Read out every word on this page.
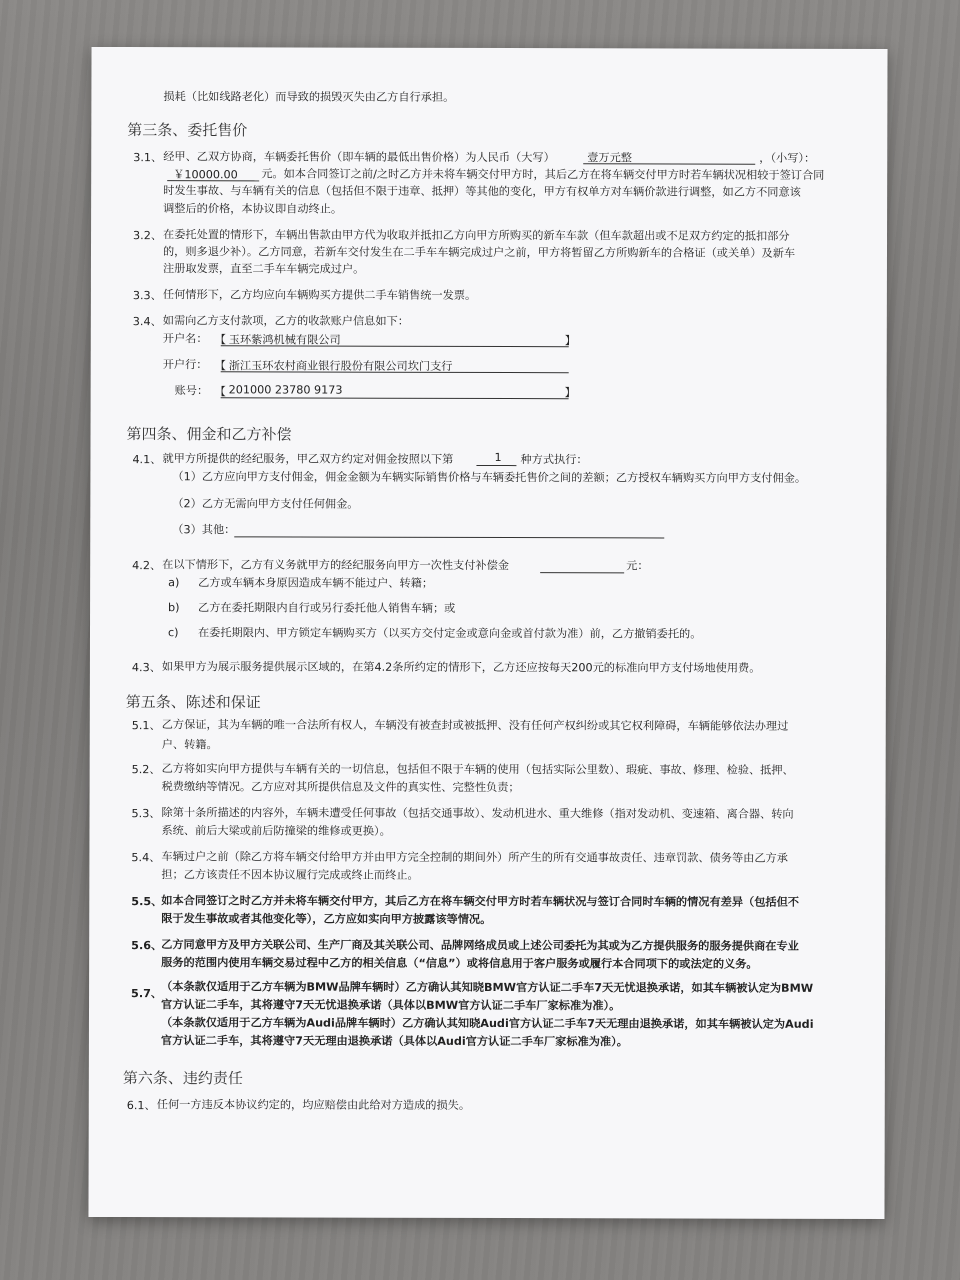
损耗（比如线路老化）而导致的损毁灭失由乙方自行承担。
第三条、委托售价
3.1、 经甲、乙双方协商，车辆委托售价（即车辆的最低出售价格）为人民币（大写）	壹万元整	，（小写）：
￥10000.00 元。如本合同签订之前/之时乙方并未将车辆交付甲方时，其后乙方在将车辆交付甲方时若车辆状况相较于签订合同
时发生事故、与车辆有关的信息（包括但不限于违章、抵押）等其他的变化，甲方有权单方对车辆价款进行调整，如乙方不同意该
调整后的价格，本协议即自动终止。
3.2、 在委托处置的情形下，车辆出售款由甲方代为收取并抵扣乙方向甲方所购买的新车车款（但车款超出或不足双方约定的抵扣部分
的，则多退少补）。乙方同意，若新车交付发生在二手车车辆完成过户之前，甲方将暂留乙方所购新车的合格证（或关单）及新车
注册取发票，直至二手车车辆完成过户。
3.3、 任何情形下，乙方均应向车辆购买方提供二手车销售统一发票。
3.4、 如需向乙方支付款项，乙方的收款账户信息如下：
开户名： 【 玉环紫鸿机械有限公司	】
开户行： 【 浙江玉环农村商业银行股份有限公司坎门支行
账号： 【 201000 23780 9173	】
第四条、佣金和乙方补偿
4.1、 就甲方所提供的经纪服务，甲乙双方约定对佣金按照以下第	1 种方式执行：
（1）乙方应向甲方支付佣金，佣金金额为车辆实际销售价格与车辆委托售价之间的差额；乙方授权车辆购买方向甲方支付佣金。
（2）乙方无需向甲方支付任何佣金。
（3）其他：
4.2、 在以下情形下，乙方有义务就甲方的经纪服务向甲方一次性支付补偿金	元：
a) 乙方或车辆本身原因造成车辆不能过户、转籍；
b) 乙方在委托期限内自行或另行委托他人销售车辆；或
c) 在委托期限内、甲方锁定车辆购买方（以买方交付定金或意向金或首付款为准）前，乙方撤销委托的。
4.3、 如果甲方为展示服务提供展示区域的，在第4.2条所约定的情形下，乙方还应按每天200元的标准向甲方支付场地使用费。
第五条、陈述和保证
5.1、 乙方保证，其为车辆的唯一合法所有权人，车辆没有被查封或被抵押、没有任何产权纠纷或其它权利障碍，车辆能够依法办理过
户、转籍。
5.2、 乙方将如实向甲方提供与车辆有关的一切信息，包括但不限于车辆的使用（包括实际公里数）、瑕疵、事故、修理、检验、抵押、
税费缴纳等情况。乙方应对其所提供信息及文件的真实性、完整性负责；
5.3、 除第十条所描述的内容外，车辆未遭受任何事故（包括交通事故）、发动机进水、重大维修（指对发动机、变速箱、离合器、转向
系统、前后大梁或前后防撞梁的维修或更换）。
5.4、 车辆过户之前（除乙方将车辆交付给甲方并由甲方完全控制的期间外）所产生的所有交通事故责任、违章罚款、债务等由乙方承
担；乙方该责任不因本协议履行完成或终止而终止。
5.5、
如本合同签订之时乙方并未将车辆交付甲方，其后乙方在将车辆交付甲方时若车辆状况与签订合同时车辆的情况有差异（包括但不
限于发生事故或者其他变化等），乙方应如实向甲方披露该等情况。
5.6、
乙方同意甲方及甲方关联公司、生产厂商及其关联公司、品牌网络成员或上述公司委托为其或为乙方提供服务的服务提供商在专业
服务的范围内使用车辆交易过程中乙方的相关信息（“信息”）或将信息用于客户服务或履行本合同项下的或法定的义务。
5.7、
（本条款仅适用于乙方车辆为BMW品牌车辆时）乙方确认其知晓BMW官方认证二手车7天无忧退换承诺，如其车辆被认定为BMW
官方认证二手车，其将遵守7天无忧退换承诺（具体以BMW官方认证二手车厂家标准为准）。
（本条款仅适用于乙方车辆为Audi品牌车辆时）乙方确认其知晓Audi官方认证二手车7天无理由退换承诺，如其车辆被认定为Audi
官方认证二手车，其将遵守7天无理由退换承诺（具体以Audi官方认证二手车厂家标准为准）。
第六条、违约责任
6.1、 任何一方违反本协议约定的，均应赔偿由此给对方造成的损失。
